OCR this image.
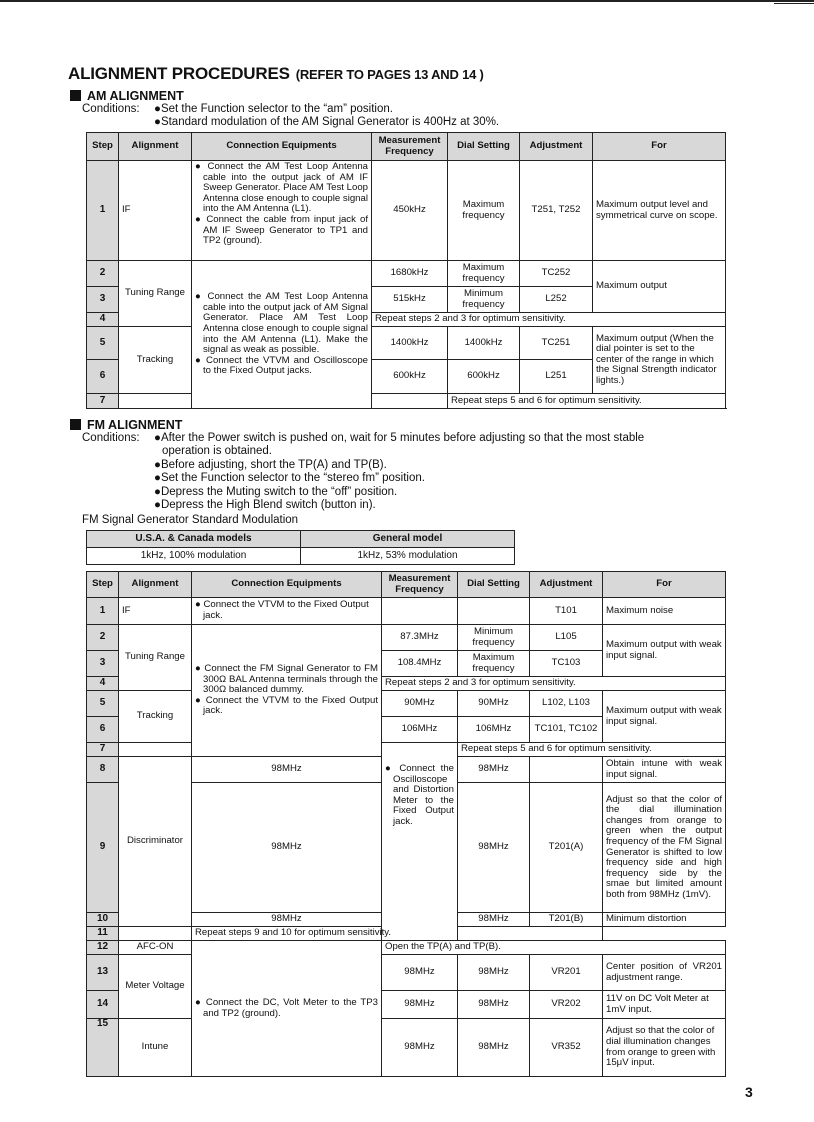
ALIGNMENT PROCEDURES (REFER TO PAGES 13 AND 14 )
AM ALIGNMENT
Conditions: ●Set the Function selector to the “am” position.
●Standard modulation of the AM Signal Generator is 400Hz at 30%.
Step	Alignment	Connection Equipments	Measurement Frequency	Dial Setting	Adjustment	For
1	IF	● Connect the AM Test Loop Antenna cable into the output jack of AM IF Sweep Generator. Place AM Test Loop Antenna close enough to couple signal into the AM Antenna (L1).
● Connect the cable from input jack of AM IF Sweep Generator to TP1 and TP2 (ground).	450kHz	Maximum frequency	T251, T252	Maximum output level and symmetrical curve on scope.
2	Tuning Range	● Connect the AM Test Loop Antenna cable into the output jack of AM Signal Generator. Place AM Test Loop Antenna close enough to couple signal into the AM Antenna (L1). Make the signal as weak as possible.
● Connect the VTVM and Oscilloscope to the Fixed Output jacks.	1680kHz	Maximum frequency	TC252	Maximum output
3			515kHz	Minimum frequency	L252	
4			Repeat steps 2 and 3 for optimum sensitivity.			
5	Tracking		1400kHz	1400kHz	TC251	Maximum output (When the dial pointer is set to the center of the range in which the Signal Strength indicator lights.)
6			600kHz	600kHz	L251	
7				Repeat steps 5 and 6 for optimum sensitivity.		
FM ALIGNMENT
Conditions: ●After the Power switch is pushed on, wait for 5 minutes before adjusting so that the most stable
operation is obtained.
●Before adjusting, short the TP(A) and TP(B).
●Set the Function selector to the “stereo fm” position.
●Depress the Muting switch to the “off” position.
●Depress the High Blend switch (button in).
FM Signal Generator Standard Modulation
U.S.A. & Canada models	General model
1kHz, 100% modulation	1kHz, 53% modulation
Step	Alignment	Connection Equipments	Measurement Frequency	Dial Setting	Adjustment	For
1	IF	● Connect the VTVM to the Fixed Output jack.			T101	Maximum noise
2	Tuning Range	● Connect the FM Signal Generator to FM 300Ω BAL Antenna terminals through the 300Ω balanced dummy.
● Connect the VTVM to the Fixed Output jack.	87.3MHz	Minimum frequency	L105	Maximum output with weak input signal.
3			108.4MHz	Maximum frequency	TC103	
4			Repeat steps 2 and 3 for optimum sensitivity.			
5	Tracking		90MHz	90MHz	L102, L103	Maximum output with weak input signal.
6			106MHz	106MHz	TC101, TC102	
7			● Connect the Oscilloscope and Distortion Meter to the Fixed Output jack.	Repeat steps 5 and 6 for optimum sensitivity.		
8	Discriminator	98MHz		98MHz		Obtain intune with weak input signal.
9		98MHz		98MHz	T201(A)	Adjust so that the color of the dial illumination changes from orange to green when the output frequency of the FM Signal Generator is shifted to low frequency side and high frequency side by the smae but limited amount both from 98MHz (1mV).
10		98MHz		98MHz	T201(B)	Minimum distortion
11		Repeat steps 9 and 10 for optimum sensitivity.				
12	AFC-ON	● Connect the DC, Volt Meter to the TP3 and TP2 (ground).	Open the TP(A) and TP(B).			
13	Meter Voltage		98MHz	98MHz	VR201	Center position of VR201 adjustment range.
14			98MHz	98MHz	VR202	11V on DC Volt Meter at 1mV input.
15	Intune		98MHz	98MHz	VR352	Adjust so that the color of dial illumination changes from orange to green with 15μV input.
3
